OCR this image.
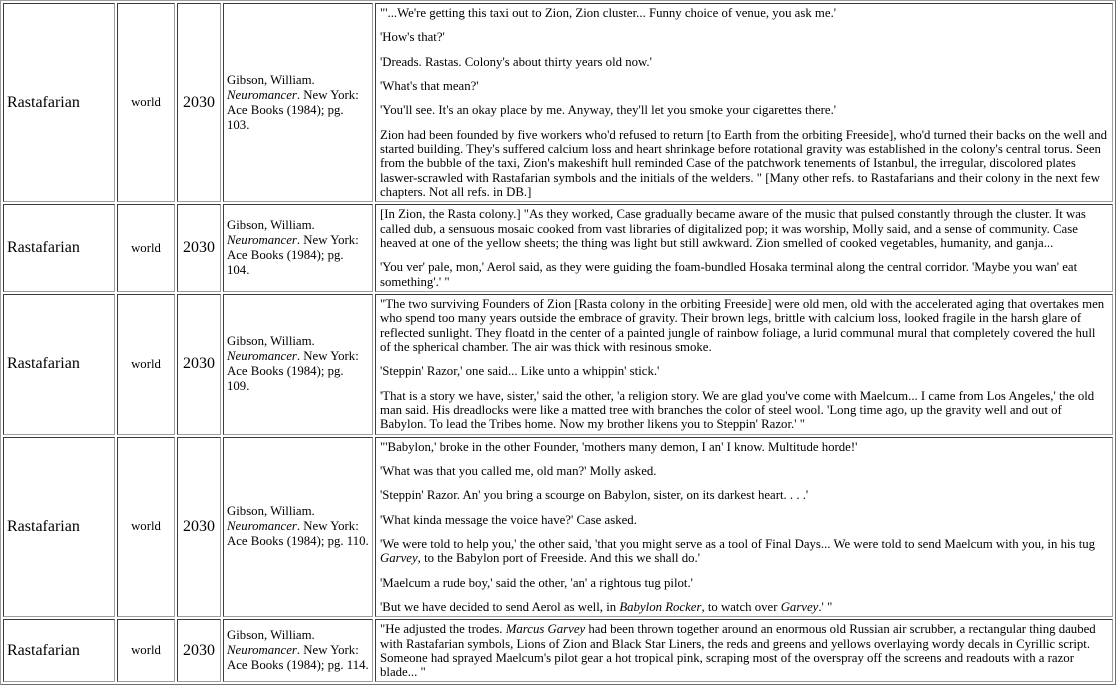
Rastafarian	world	2030	Gibson, William. Neuromancer. New York: Ace Books (1984); pg. 103.	

"'...We're getting this taxi out to Zion, Zion cluster... Funny choice of venue, you ask me.'

'How's that?'

'Dreads. Rastas. Colony's about thirty years old now.'

'What's that mean?'

'You'll see. It's an okay place by me. Anyway, they'll let you smoke your cigarettes there.'

Zion had been founded by five workers who'd refused to return [to Earth from the orbiting Freeside], who'd turned their backs on the well and started building. They's suffered calcium loss and heart shrinkage before rotational gravity was established in the colony's central torus. Seen from the bubble of the taxi, Zion's makeshift hull reminded Case of the patchwork tenements of Istanbul, the irregular, discolored plates laswer-scrawled with Rastafarian symbols and the initials of the welders. " [Many other refs. to Rastafarians and their colony in the next few chapters. Not all refs. in DB.]

Rastafarian	world	2030	Gibson, William. Neuromancer. New York: Ace Books (1984); pg. 104.	[In Zion, the Rasta colony.] "As they worked, Case gradually became aware of the music that pulsed constantly through the cluster. It was called dub, a sensuous mosaic cooked from vast libraries of digitalized pop; it was worship, Molly said, and a sense of community. Case heaved at one of the yellow sheets; the thing was light but still awkward. Zion smelled of cooked vegetables, humanity, and ganja...

'You ver' pale, mon,' Aerol said, as they were guiding the foam-bundled Hosaka terminal along the central corridor. 'Maybe you wan' eat something'.' "

Rastafarian	world	2030	Gibson, William. Neuromancer. New York: Ace Books (1984); pg. 109.	"The two surviving Founders of Zion [Rasta colony in the orbiting Freeside] were old men, old with the accelerated aging that overtakes men who spend too many years outside the embrace of gravity. Their brown legs, brittle with calcium loss, looked fragile in the harsh glare of reflected sunlight. They floatd in the center of a painted jungle of rainbow foliage, a lurid communal mural that completely covered the hull of the spherical chamber. The air was thick with resinous smoke.

'Steppin' Razor,' one said... Like unto a whippin' stick.'

'That is a story we have, sister,' said the other, 'a religion story. We are glad you've come with Maelcum... I came from Los Angeles,' the old man said. His dreadlocks were like a matted tree with branches the color of steel wool. 'Long time ago, up the gravity well and out of Babylon. To lead the Tribes home. Now my brother likens you to Steppin' Razor.' "

Rastafarian	world	2030	Gibson, William. Neuromancer. New York: Ace Books (1984); pg. 110.	

"'Babylon,' broke in the other Founder, 'mothers many demon, I an' I know. Multitude horde!'

'What was that you called me, old man?' Molly asked.

'Steppin' Razor. An' you bring a scourge on Babylon, sister, on its darkest heart. . . .'

'What kinda message the voice have?' Case asked.

'We were told to help you,' the other said, 'that you might serve as a tool of Final Days... We were told to send Maelcum with you, in his tug Garvey, to the Babylon port of Freeside. And this we shall do.'

'Maelcum a rude boy,' said the other, 'an' a rightous tug pilot.'

'But we have decided to send Aerol as well, in Babylon Rocker, to watch over Garvey.' "

Rastafarian	world	2030	Gibson, William. Neuromancer. New York: Ace Books (1984); pg. 114.	"He adjusted the trodes. Marcus Garvey had been thrown together around an enormous old Russian air scrubber, a rectangular thing daubed with Rastafarian symbols, Lions of Zion and Black Star Liners, the reds and greens and yellows overlaying wordy decals in Cyrillic script. Someone had sprayed Maelcum's pilot gear a hot tropical pink, scraping most of the overspray off the screens and readouts with a razor blade... "
